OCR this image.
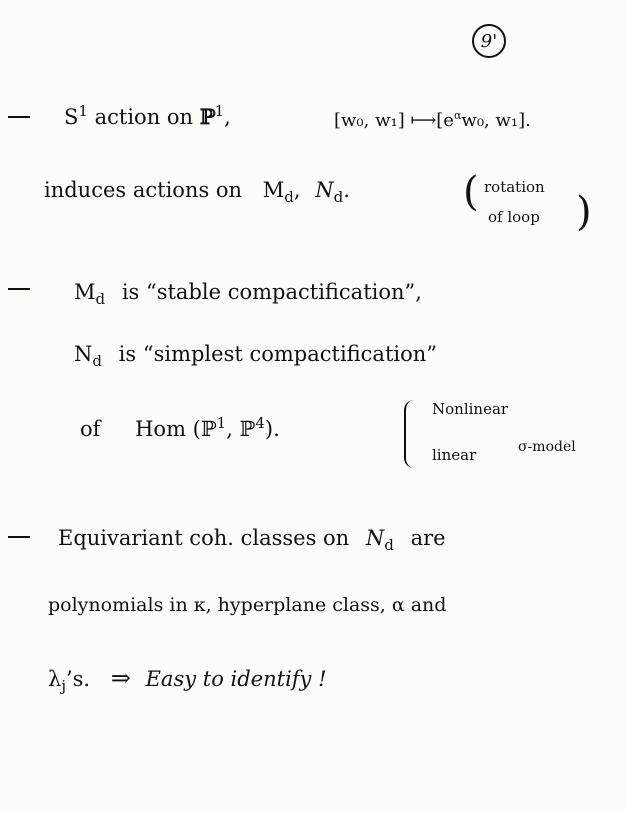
9'
$S^1$ action on ℙ$^1$,	[w₀, w₁] $⟼[e^\alpha w_0$, w₁].
induces actions on $M_d$, $N_d$.	( rotation
of loop )
$M_d$ is “stable compactification”,
$N_d$ is “simplest compactification”
of Hom (ℙ$^1$, ℙ$^4$).
Nonlinear
linear	σ-model
Equivariant coh. classes on $N_d$ are
polynomials in κ, hyperplane class, α and
$\lambda_j’s$. ⇒ Easy to identify !
